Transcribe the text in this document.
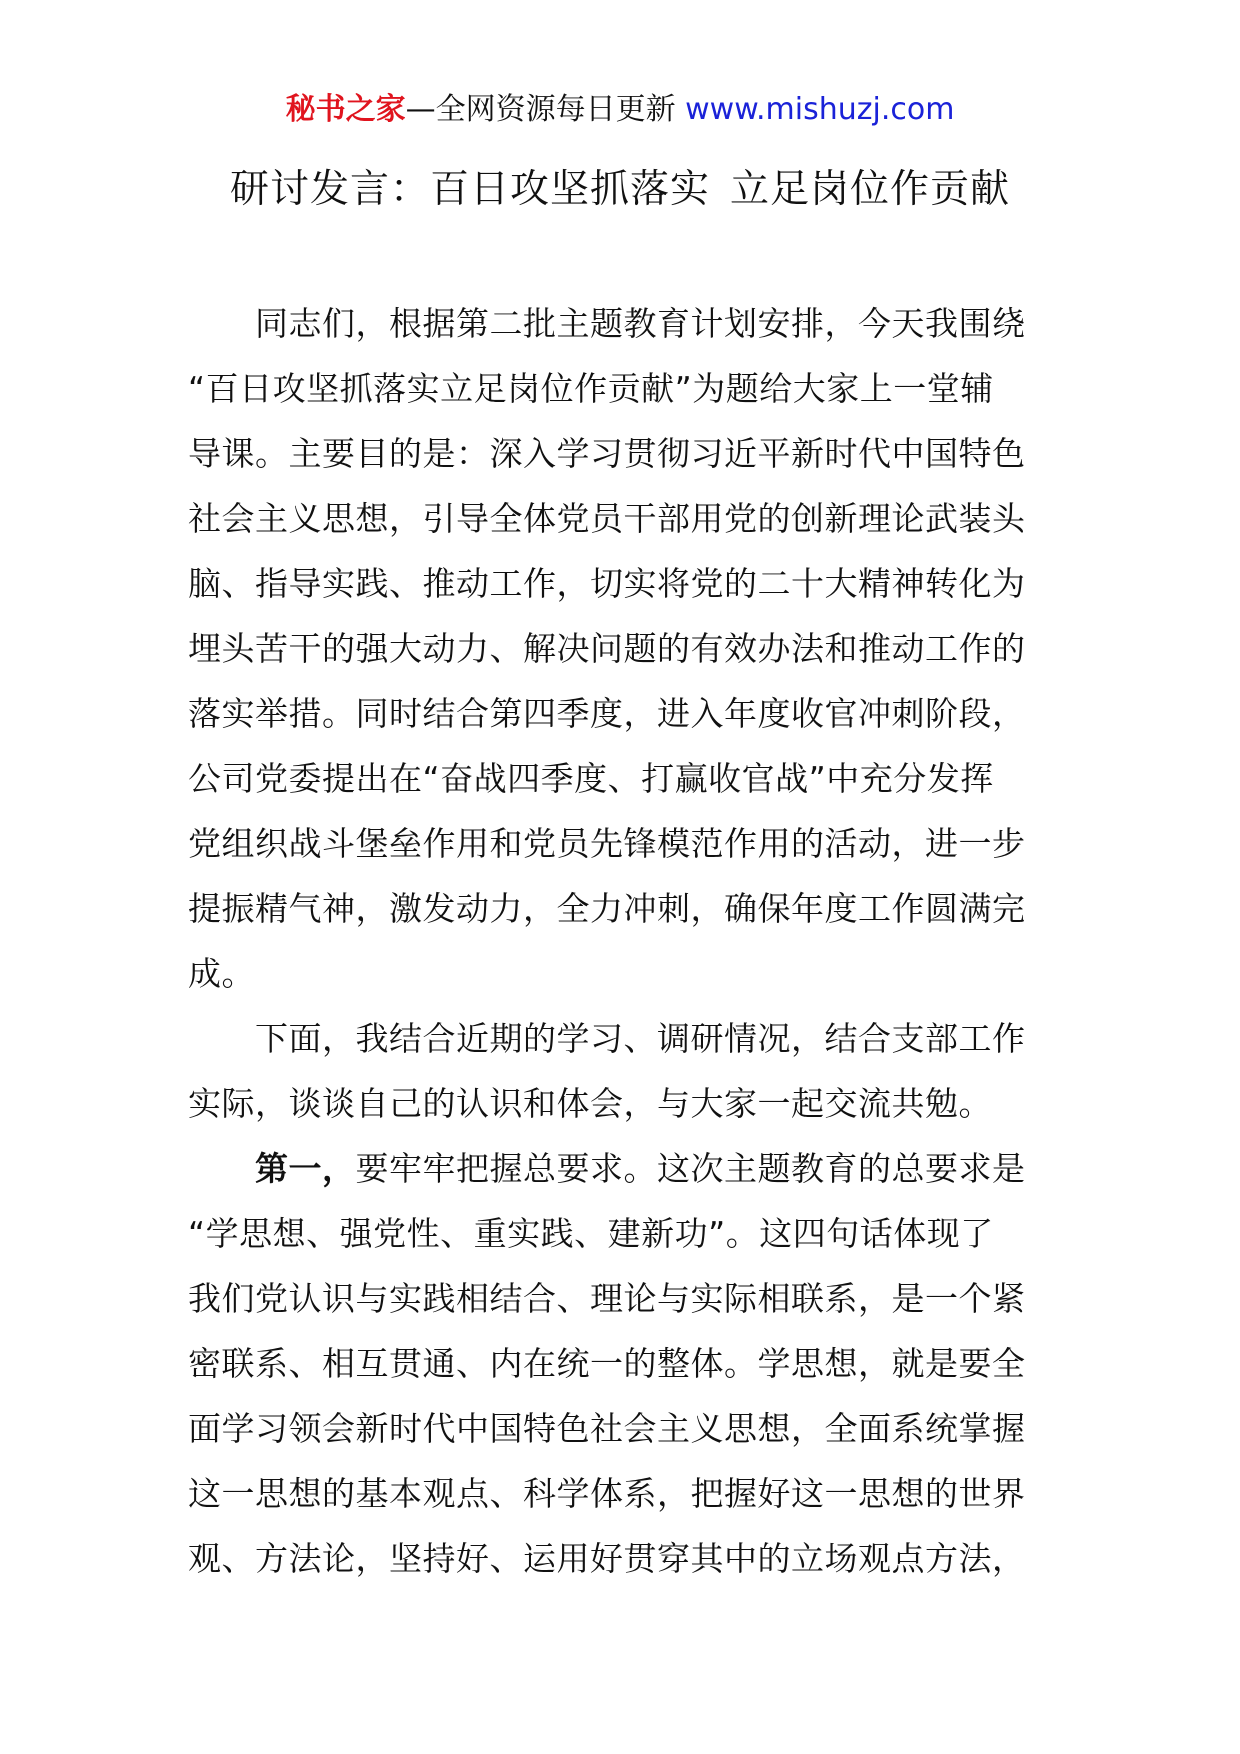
秘书之家—全网资源每日更新 www.mishuzj.com
研讨发言：百日攻坚抓落实 立足岗位作贡献
同志们，根据第二批主题教育计划安排，今天我围绕
“百日攻坚抓落实立足岗位作贡献”为题给大家上一堂辅
导课。主要目的是：深入学习贯彻习近平新时代中国特色
社会主义思想，引导全体党员干部用党的创新理论武装头
脑、指导实践、推动工作，切实将党的二十大精神转化为
埋头苦干的强大动力、解决问题的有效办法和推动工作的
落实举措。同时结合第四季度，进入年度收官冲刺阶段，
公司党委提出在“奋战四季度、打赢收官战”中充分发挥
党组织战斗堡垒作用和党员先锋模范作用的活动，进一步
提振精气神，激发动力，全力冲刺，确保年度工作圆满完
成。
下面，我结合近期的学习、调研情况，结合支部工作
实际，谈谈自己的认识和体会，与大家一起交流共勉。
第一，要牢牢把握总要求。这次主题教育的总要求是
“学思想、强党性、重实践、建新功”。这四句话体现了
我们党认识与实践相结合、理论与实际相联系，是一个紧
密联系、相互贯通、内在统一的整体。学思想，就是要全
面学习领会新时代中国特色社会主义思想，全面系统掌握
这一思想的基本观点、科学体系，把握好这一思想的世界
观、方法论，坚持好、运用好贯穿其中的立场观点方法，
